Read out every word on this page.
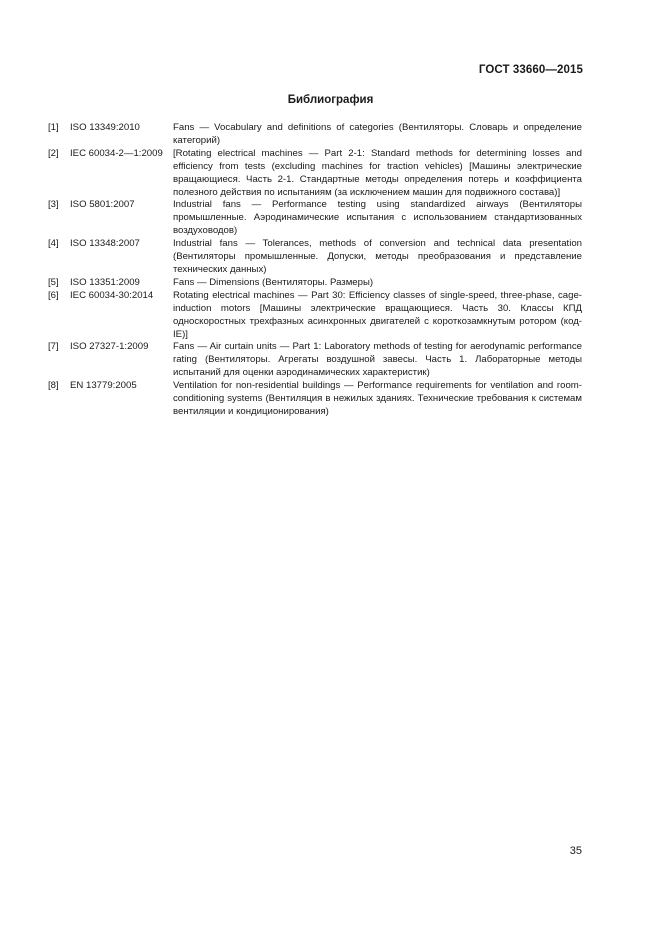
ГОСТ 33660—2015
Библиография
[1]	ISO 13349:2010	Fans — Vocabulary and definitions of categories (Вентиляторы. Словарь и определение категорий)
[2]	IEC 60034-2—1:2009	[Rotating electrical machines — Part 2-1: Standard methods for determining losses and efficiency from tests (excluding machines for traction vehicles) [Машины электрические вращающиеся. Часть 2-1. Стандартные методы определения потерь и коэффициента полезного действия по испытаниям (за исключением машин для подвижного состава)]
[3]	ISO 5801:2007	Industrial fans — Performance testing using standardized airways (Вентиляторы промышленные. Аэродинамические испытания с использованием стандартизованных воздуховодов)
[4]	ISO 13348:2007	Industrial fans — Tolerances, methods of conversion and technical data presentation (Вентиляторы промышленные. Допуски, методы преобразования и представление технических данных)
[5]	ISO 13351:2009	Fans — Dimensions (Вентиляторы. Размеры)
[6]	IEC 60034-30:2014	Rotating electrical machines — Part 30: Efficiency classes of single-speed, three-phase, cage-induction motors [Машины электрические вращающиеся. Часть 30. Классы КПД односкоростных трехфазных асинхронных двигателей с короткозамкнутым ротором (код-IE)]
[7]	ISO 27327-1:2009	Fans — Air curtain units — Part 1: Laboratory methods of testing for aerodynamic performance rating (Вентиляторы. Агрегаты воздушной завесы. Часть 1. Лабораторные методы испытаний для оценки аэродинамических характеристик)
[8]	EN 13779:2005	Ventilation for non-residential buildings — Performance requirements for ventilation and room-conditioning systems (Вентиляция в нежилых зданиях. Технические требования к системам вентиляции и кондиционирования)
35
